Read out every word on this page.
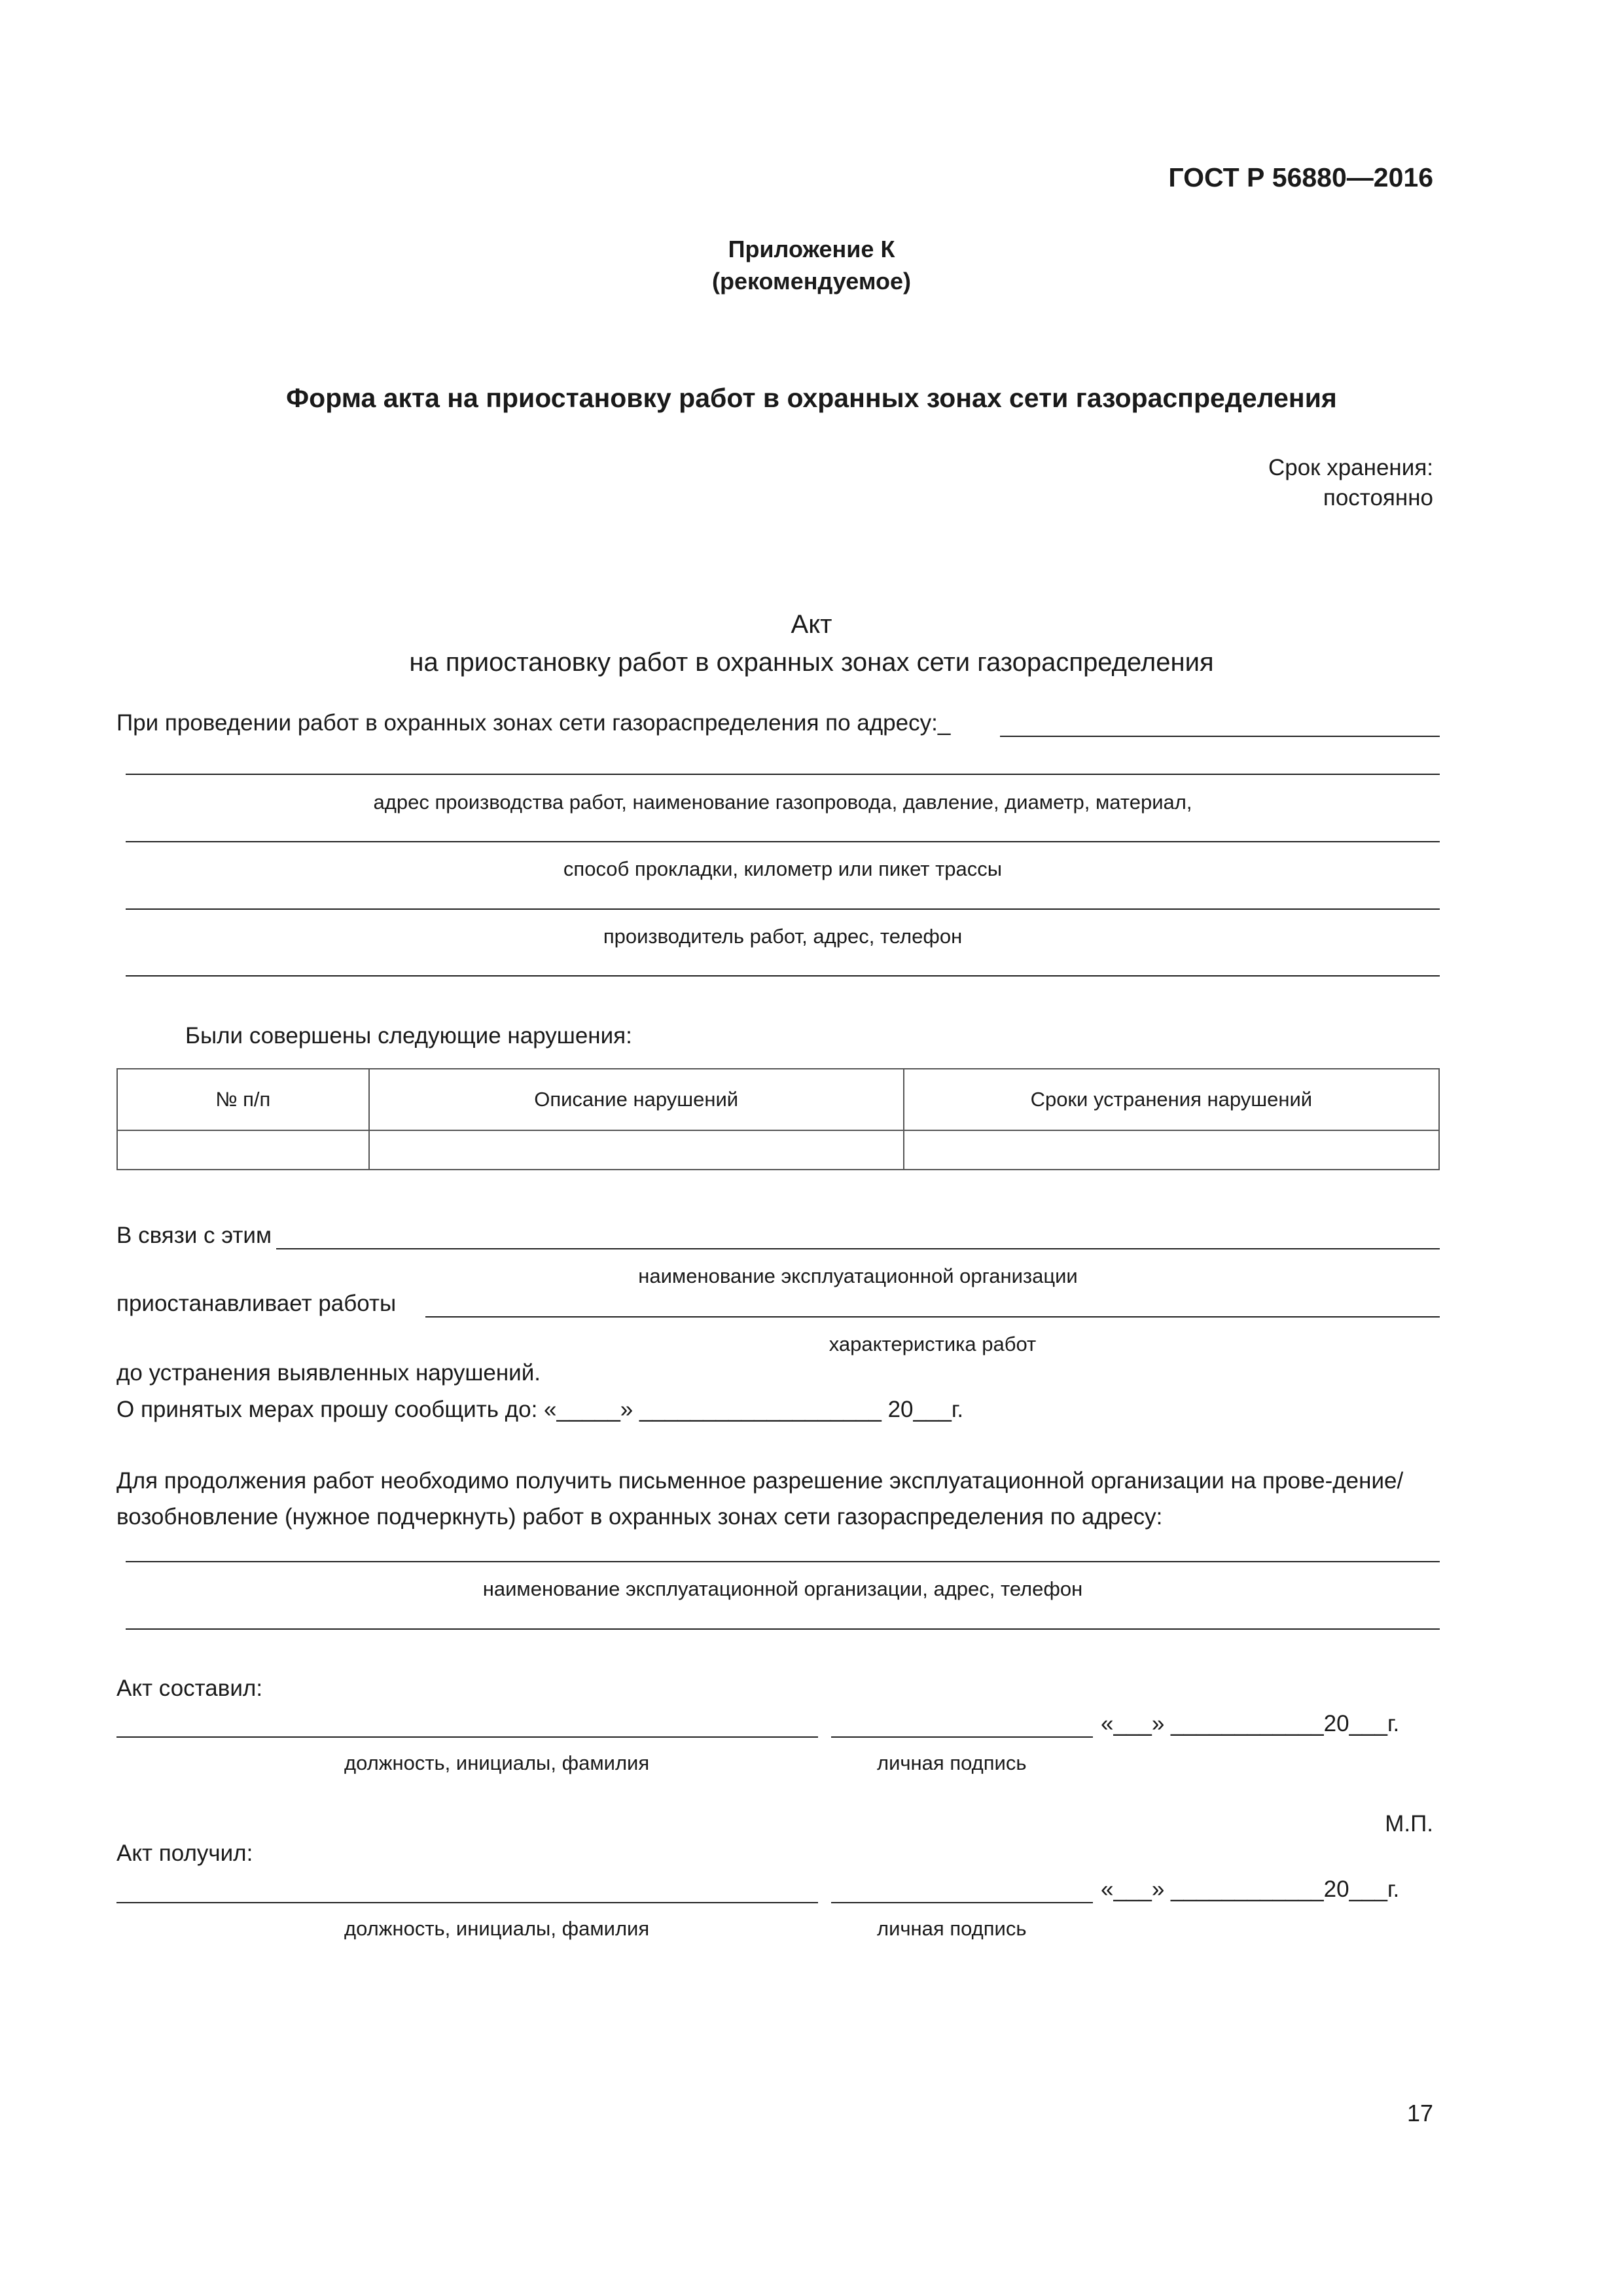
ГОСТ Р 56880—2016
Приложение К
(рекомендуемое)
Форма акта на приостановку работ в охранных зонах сети газораспределения
Срок хранения:
постоянно
Акт
на приостановку работ в охранных зонах сети газораспределения
При проведении работ в охранных зонах сети газораспределения по адресу:_
адрес производства работ, наименование газопровода, давление, диаметр, материал,
способ прокладки, километр или пикет трассы
производитель работ, адрес, телефон
Были совершены следующие нарушения:
№ п/п	Описание нарушений	Сроки устранения нарушений

В связи с этим
наименование эксплуатационной организации
приостанавливает работы
характеристика работ
до устранения выявленных нарушений.
О принятых мерах прошу сообщить до: «_____» ___________________ 20___г.
Для продолжения работ необходимо получить письменное разрешение эксплуатационной организации на прове-дение/возобновление (нужное подчеркнуть) работ в охранных зонах сети газораспределения по адресу:
наименование эксплуатационной организации, адрес, телефон
Акт составил:
«___» ____________20___г.
должность, инициалы, фамилия	личная подпись
М.П.
Акт получил:
«___» ____________20___г.
должность, инициалы, фамилия	личная подпись
17
